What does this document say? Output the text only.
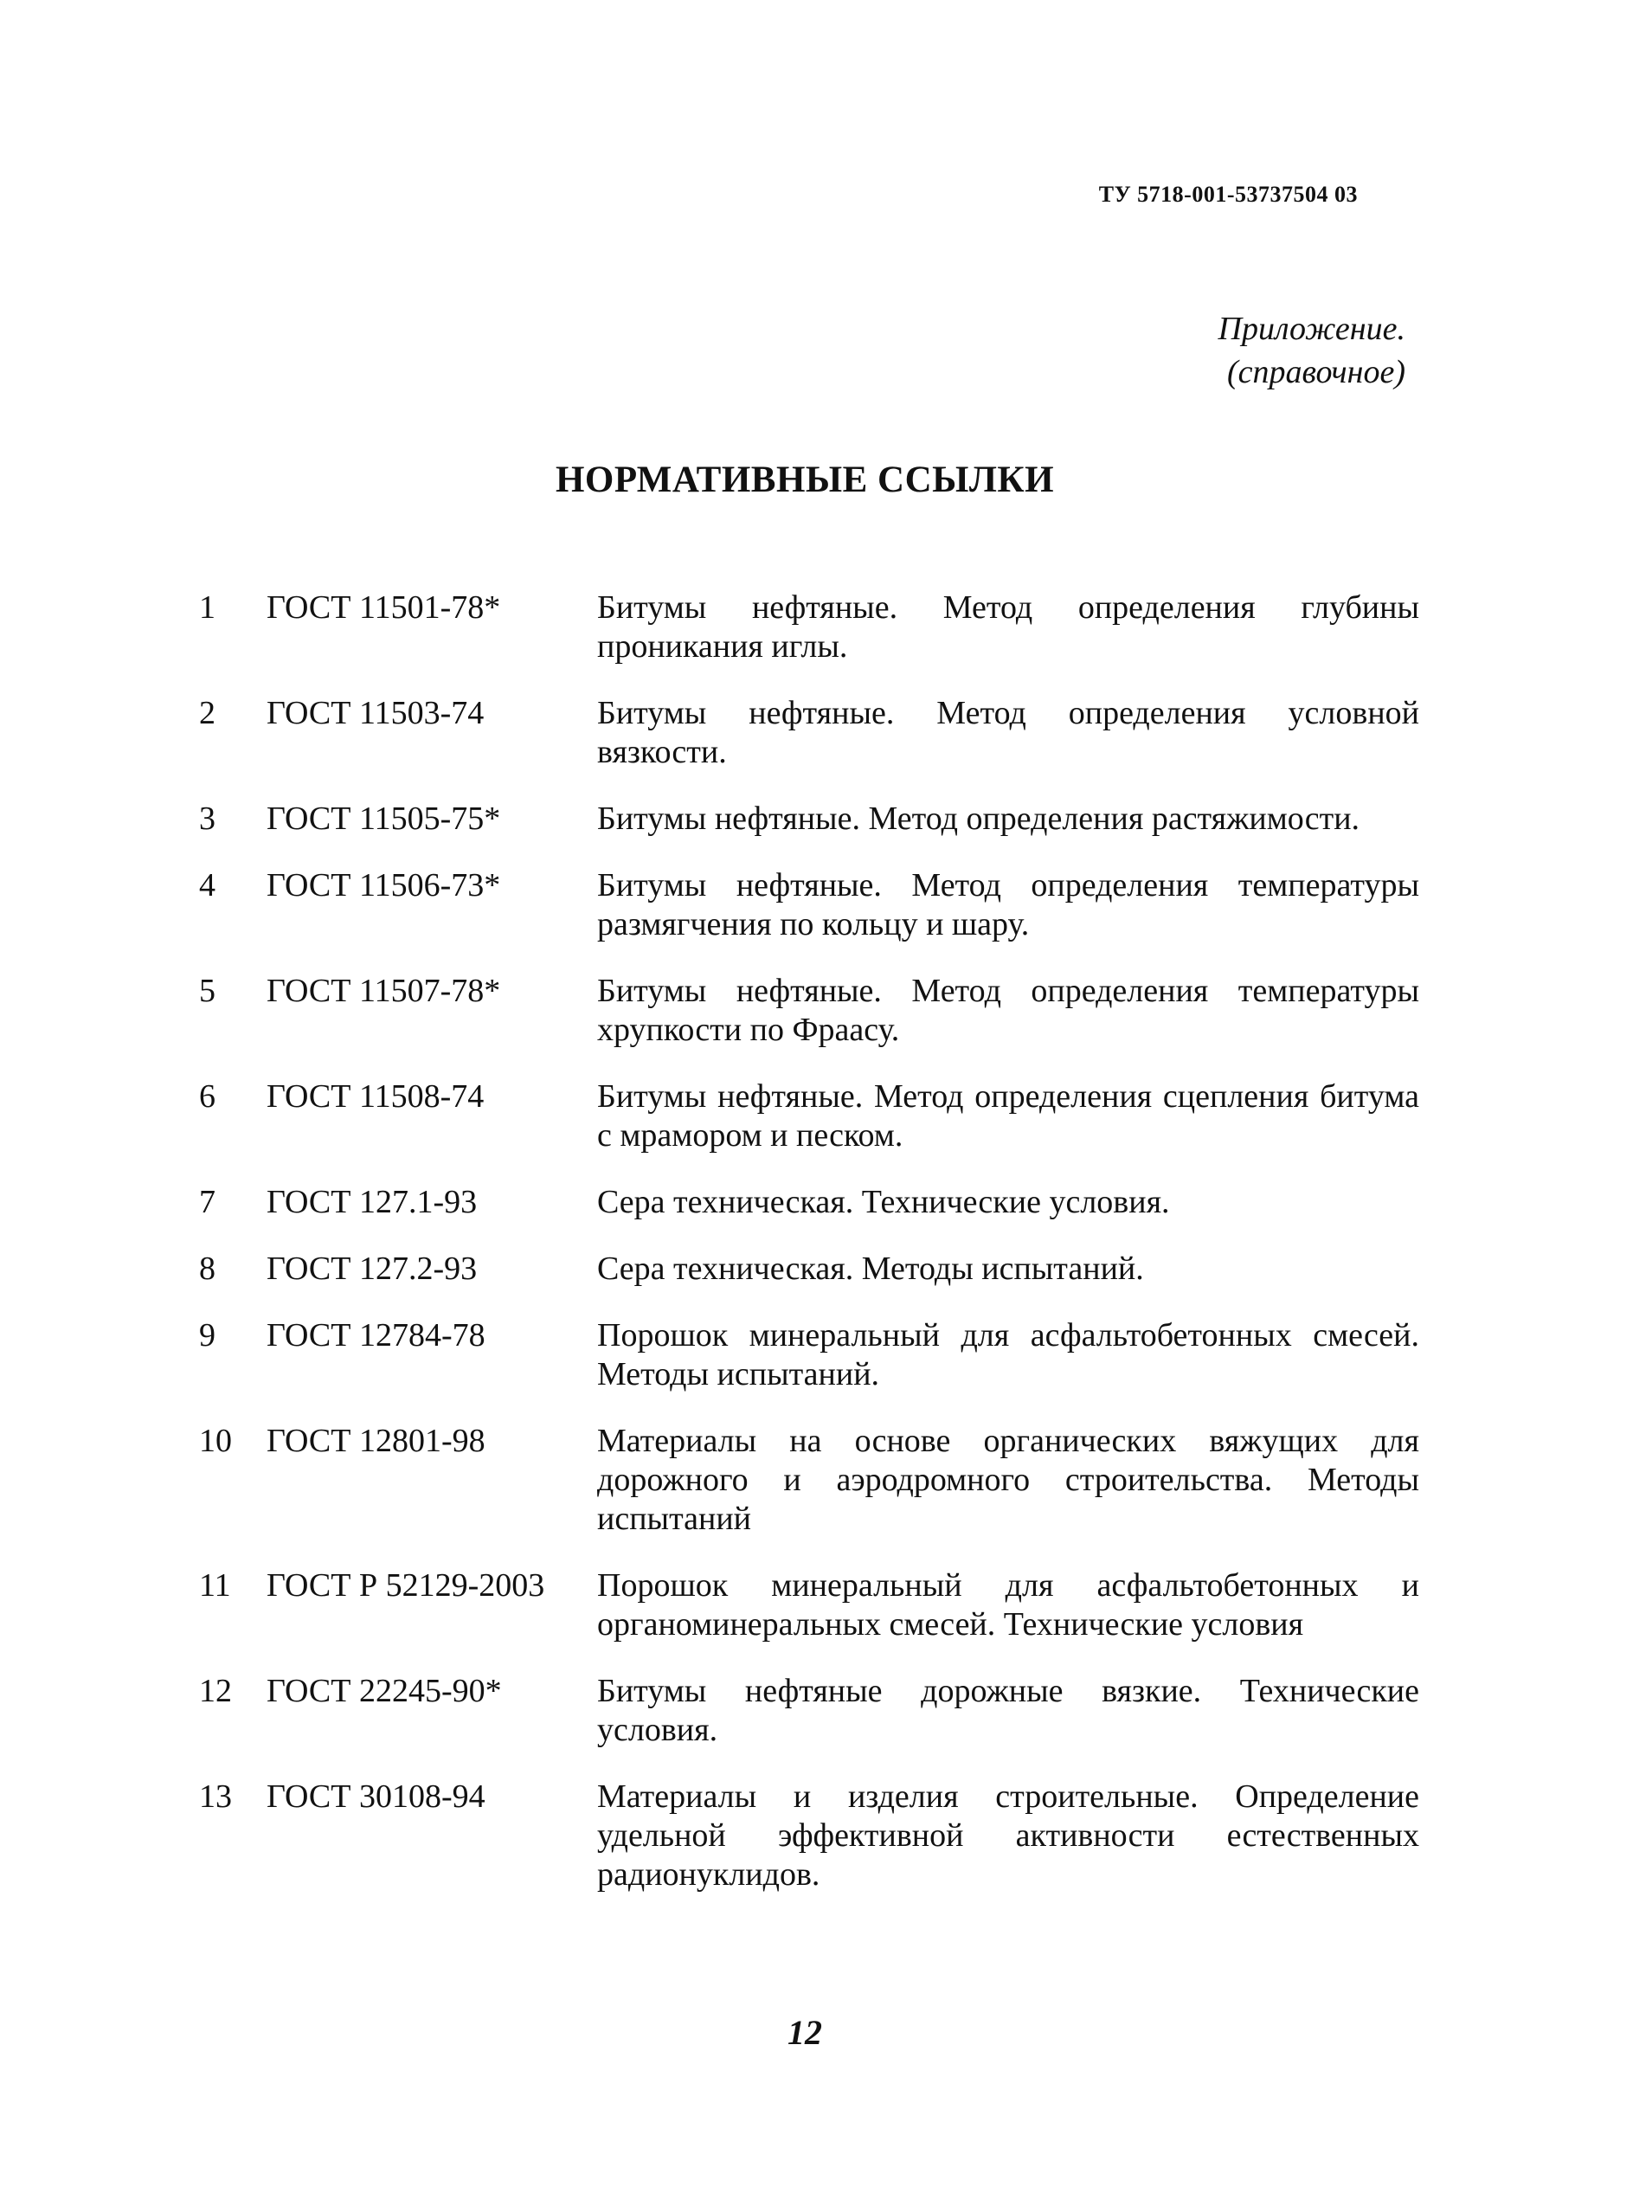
ТУ 5718-001-53737504 03
Приложение.
(справочное)
НОРМАТИВНЫЕ ССЫЛКИ
1	ГОСТ 11501-78*	Битумы нефтяные. Метод определения глубины проникания иглы.
2	ГОСТ 11503-74	Битумы нефтяные. Метод определения условной вязкости.
3	ГОСТ 11505-75*	Битумы нефтяные. Метод определения растяжимости.
4	ГОСТ 11506-73*	Битумы нефтяные. Метод определения температуры размягчения по кольцу и шару.
5	ГОСТ 11507-78*	Битумы нефтяные. Метод определения температуры хрупкости по Фраасу.
6	ГОСТ 11508-74	Битумы нефтяные. Метод определения сцепления битума с мрамором и песком.
7	ГОСТ 127.1-93	Сера техническая. Технические условия.
8	ГОСТ 127.2-93	Сера техническая. Методы испытаний.
9	ГОСТ 12784-78	Порошок минеральный для асфальтобетонных смесей. Методы испытаний.
10	ГОСТ 12801-98	Материалы на основе органических вяжущих для дорожного и аэродромного строительства. Методы испытаний
11	ГОСТ Р 52129-2003	Порошок минеральный для асфальтобетонных и органоминеральных смесей. Технические условия
12	ГОСТ 22245-90*	Битумы нефтяные дорожные вязкие. Технические условия.
13	ГОСТ 30108-94	Материалы и изделия строительные. Определение удельной эффективной активности естественных радионуклидов.
12
